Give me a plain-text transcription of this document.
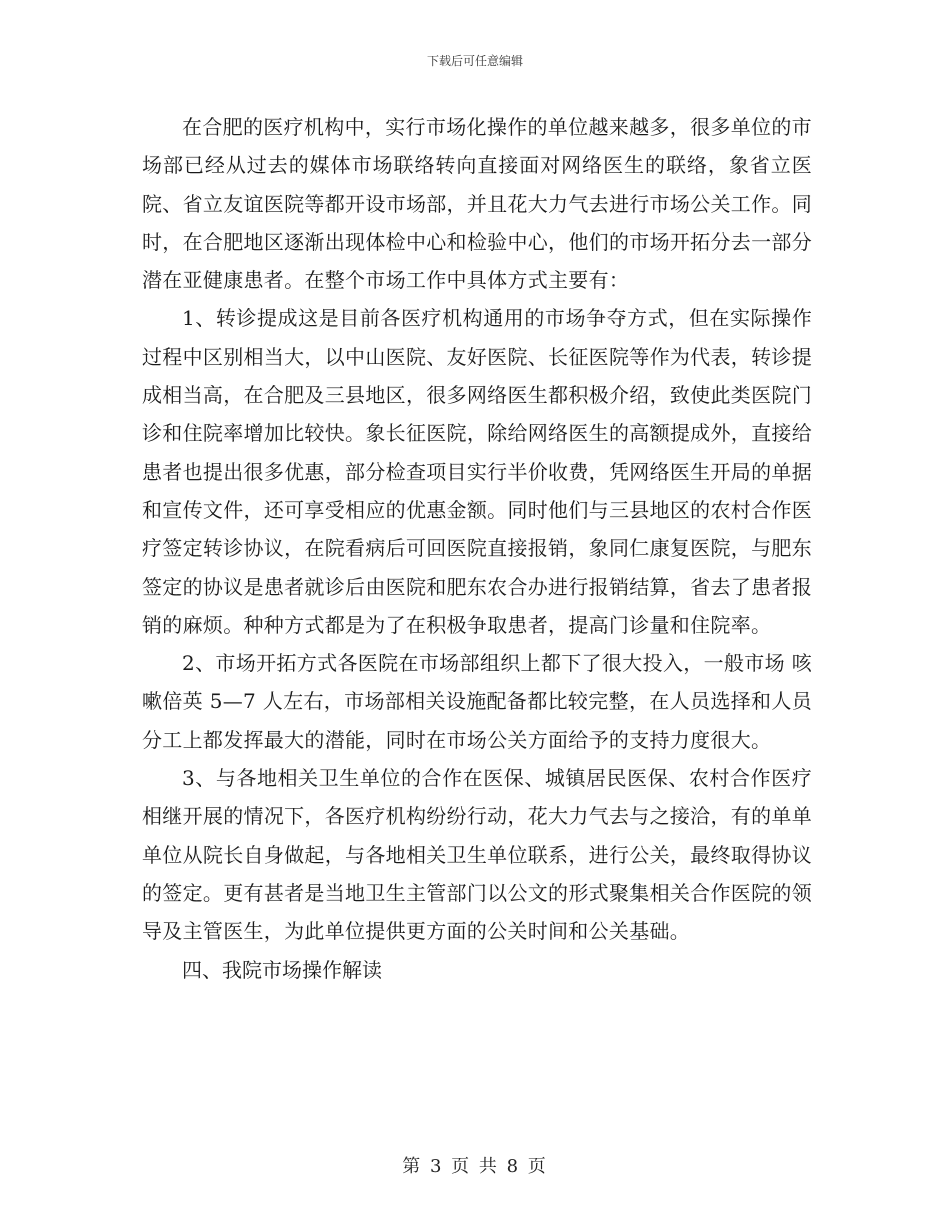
下载后可任意编辑

在合肥的医疗机构中，实行市场化操作的单位越来越多，很多单位的市场部已经从过去的媒体市场联络转向直接面对网络医生的联络，象省立医院、省立友谊医院等都开设市场部，并且花大力气去进行市场公关工作。同时，在合肥地区逐渐出现体检中心和检验中心，他们的市场开拓分去一部分潜在亚健康患者。在整个市场工作中具体方式主要有：

1、转诊提成这是目前各医疗机构通用的市场争夺方式，但在实际操作过程中区别相当大，以中山医院、友好医院、长征医院等作为代表，转诊提成相当高，在合肥及三县地区，很多网络医生都积极介绍，致使此类医院门诊和住院率增加比较快。象长征医院，除给网络医生的高额提成外，直接给患者也提出很多优惠，部分检查项目实行半价收费，凭网络医生开局的单据和宣传文件，还可享受相应的优惠金额。同时他们与三县地区的农村合作医疗签定转诊协议，在院看病后可回医院直接报销，象同仁康复医院，与肥东签定的协议是患者就诊后由医院和肥东农合办进行报销结算，省去了患者报销的麻烦。种种方式都是为了在积极争取患者，提高门诊量和住院率。

2、市场开拓方式各医院在市场部组织上都下了很大投入，一般市场 咳嗽倍英 5—7 人左右，市场部相关设施配备都比较完整，在人员选择和人员分工上都发挥最大的潜能，同时在市场公关方面给予的支持力度很大。

3、与各地相关卫生单位的合作在医保、城镇居民医保、农村合作医疗相继开展的情况下，各医疗机构纷纷行动，花大力气去与之接洽，有的单单单位从院长自身做起，与各地相关卫生单位联系，进行公关，最终取得协议的签定。更有甚者是当地卫生主管部门以公文的形式聚集相关合作医院的领导及主管医生，为此单位提供更方面的公关时间和公关基础。

四、我院市场操作解读

第 3 页 共 8 页
